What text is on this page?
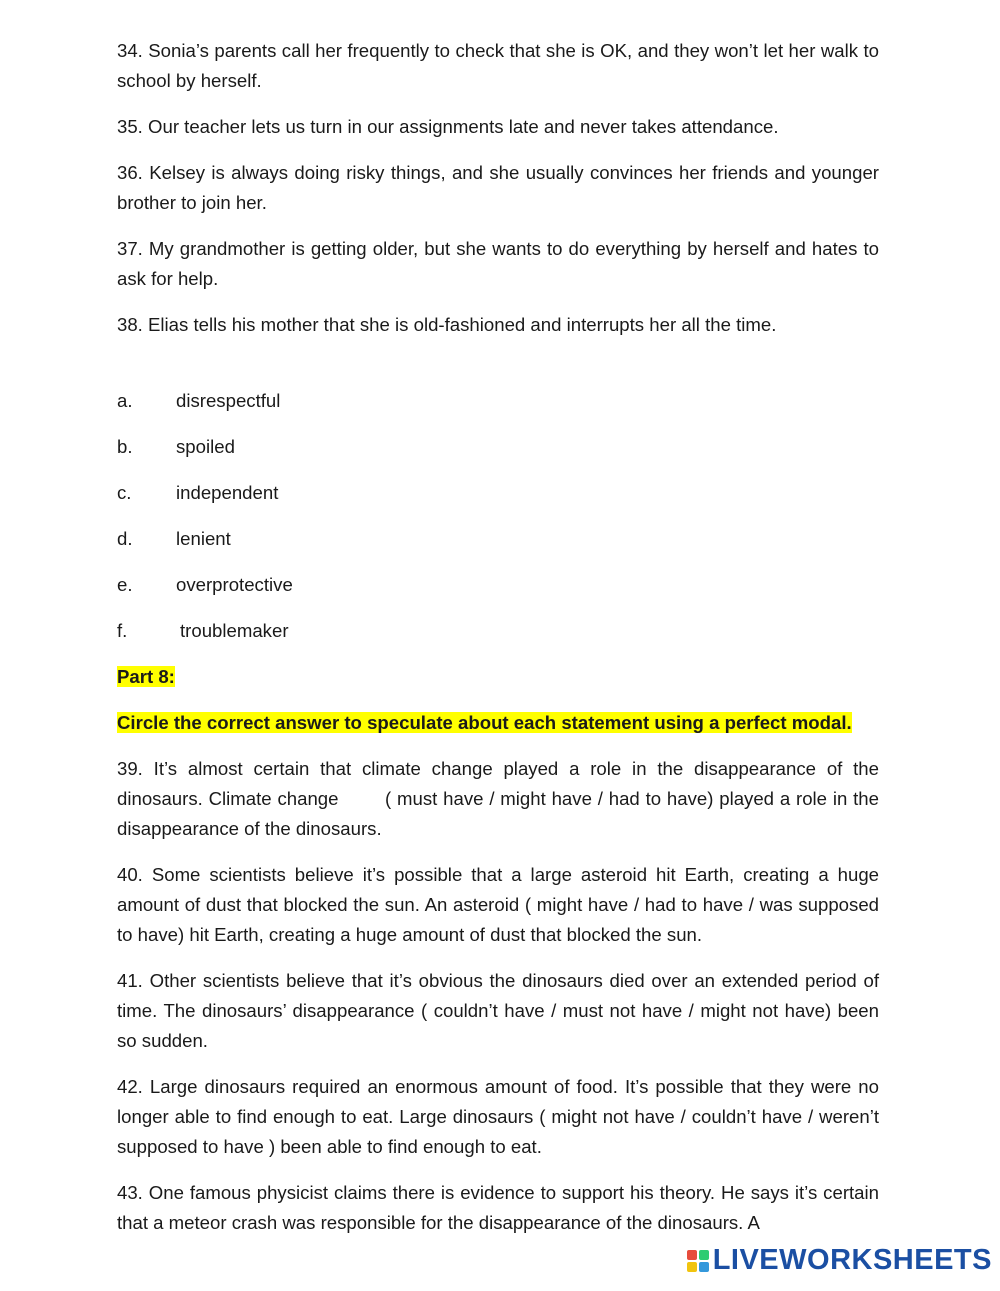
34. Sonia’s parents call her frequently to check that she is OK, and they won’t let her walk to school by herself.

35. Our teacher lets us turn in our assignments late and never takes attendance.

36. Kelsey is always doing risky things, and she usually convinces her friends and younger brother to join her.

37. My grandmother is getting older, but she wants to do everything by herself and hates to ask for help.

38. Elias tells his mother that she is old-fashioned and interrupts her all the time.

a.	disrespectful
b.	spoiled
c.	independent
d.	lenient
e.	overprotective
f.	troublemaker
Part 8:
Circle the correct answer to speculate about each statement using a perfect modal.

39. It’s almost certain that climate change played a role in the disappearance of the dinosaurs. Climate change        ( must have / might have / had to have) played a role in the disappearance of the dinosaurs.

40. Some scientists believe it’s possible that a large asteroid hit Earth, creating a huge amount of dust that blocked the sun. An asteroid ( might have / had to have / was supposed to have) hit Earth, creating a huge amount of dust that blocked the sun.

41. Other scientists believe that it’s obvious the dinosaurs died over an extended period of time. The dinosaurs’ disappearance ( couldn’t have / must not have / might not have) been so sudden.

42. Large dinosaurs required an enormous amount of food. It’s possible that they were no longer able to find enough to eat. Large dinosaurs ( might not have / couldn’t have / weren’t supposed to have ) been able to find enough to eat.

43. One famous physicist claims there is evidence to support his theory. He says it’s certain that a meteor crash was responsible for the disappearance of the dinosaurs. A

LIVEWORKSHEETS
